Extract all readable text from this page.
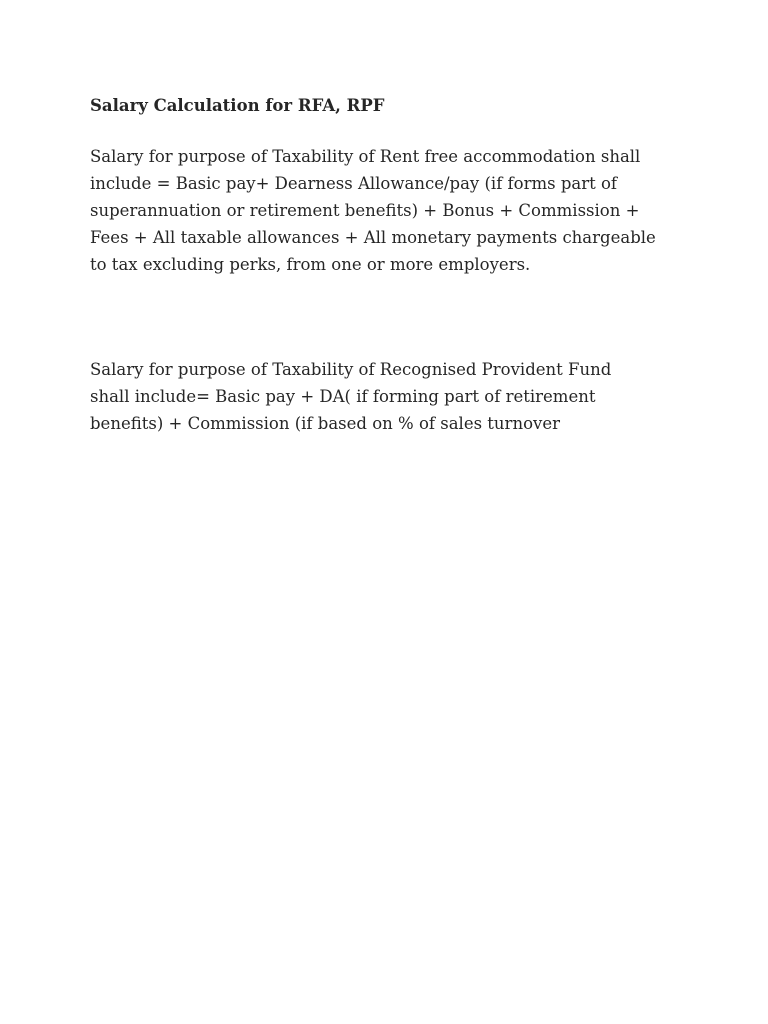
Salary Calculation for RFA, RPF

Salary for purpose of Taxability of Rent free accommodation shall
include = Basic pay+ Dearness Allowance/pay (if forms part of
superannuation or retirement benefits) + Bonus + Commission +
Fees + All taxable allowances + All monetary payments chargeable
to tax excluding perks, from one or more employers.

Salary for purpose of Taxability of Recognised Provident Fund
shall include= Basic pay + DA( if forming part of retirement
benefits) + Commission (if based on % of sales turnover
